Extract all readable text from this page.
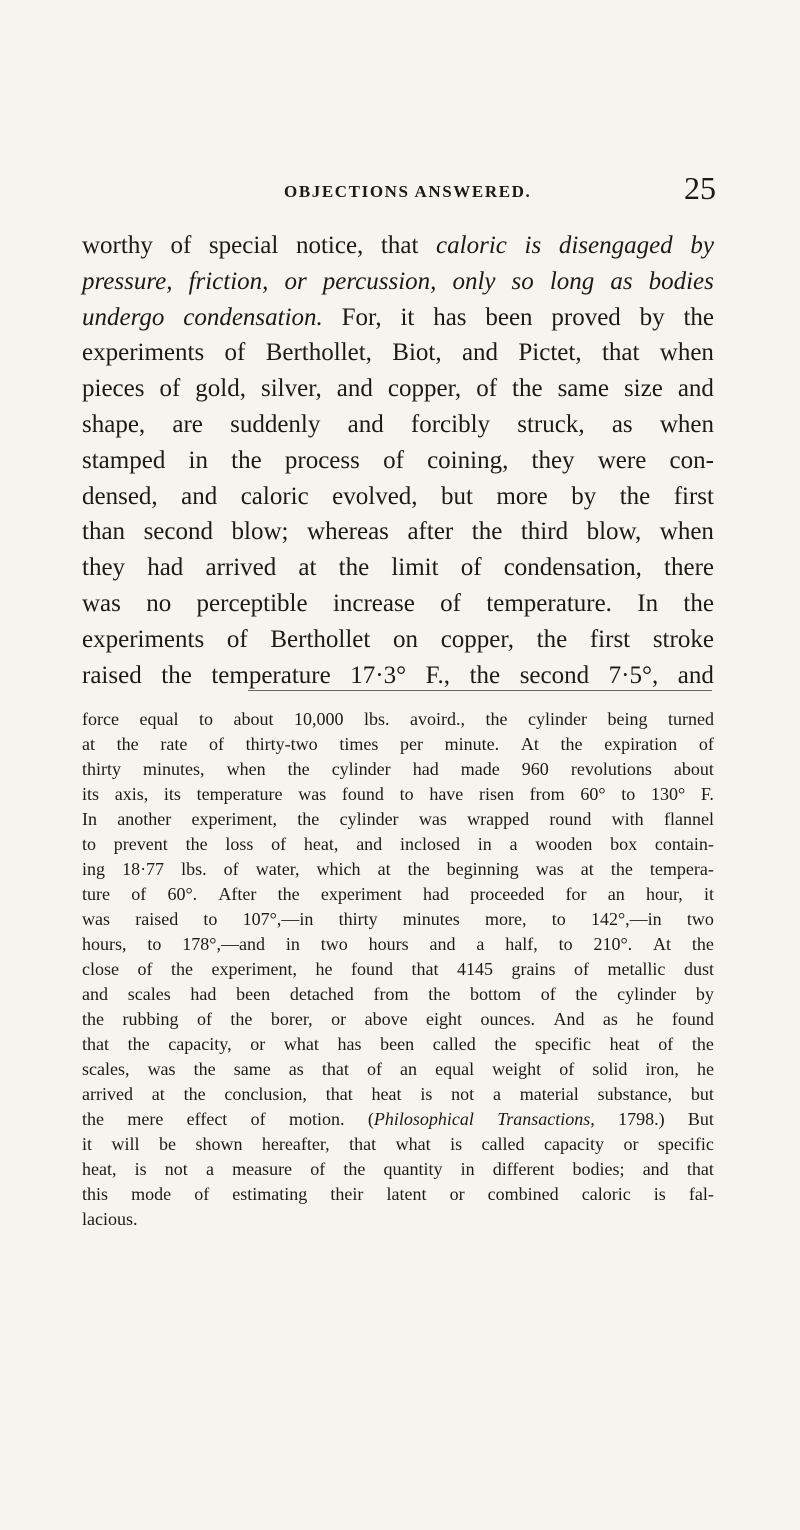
OBJECTIONS ANSWERED.	25
worthy of special notice, that caloric is disengaged by
pressure, friction, or percussion, only so long as bodies
undergo condensation. For, it has been proved by the
experiments of Berthollet, Biot, and Pictet, that when
pieces of gold, silver, and copper, of the same size and
shape, are suddenly and forcibly struck, as when
stamped in the process of coining, they were con-
densed, and caloric evolved, but more by the first
than second blow; whereas after the third blow, when
they had arrived at the limit of condensation, there
was no perceptible increase of temperature. In the
experiments of Berthollet on copper, the first stroke
raised the temperature 17·3° F., the second 7·5°, and
force equal to about 10,000 lbs. avoird., the cylinder being turned
at the rate of thirty-two times per minute. At the expiration of
thirty minutes, when the cylinder had made 960 revolutions about
its axis, its temperature was found to have risen from 60° to 130° F.
In another experiment, the cylinder was wrapped round with flannel
to prevent the loss of heat, and inclosed in a wooden box contain-
ing 18·77 lbs. of water, which at the beginning was at the tempera-
ture of 60°. After the experiment had proceeded for an hour, it
was raised to 107°,—in thirty minutes more, to 142°,—in two
hours, to 178°,—and in two hours and a half, to 210°. At the
close of the experiment, he found that 4145 grains of metallic dust
and scales had been detached from the bottom of the cylinder by
the rubbing of the borer, or above eight ounces. And as he found
that the capacity, or what has been called the specific heat of the
scales, was the same as that of an equal weight of solid iron, he
arrived at the conclusion, that heat is not a material substance, but
the mere effect of motion. (Philosophical Transactions, 1798.) But
it will be shown hereafter, that what is called capacity or specific
heat, is not a measure of the quantity in different bodies; and that
this mode of estimating their latent or combined caloric is fal-
lacious.
